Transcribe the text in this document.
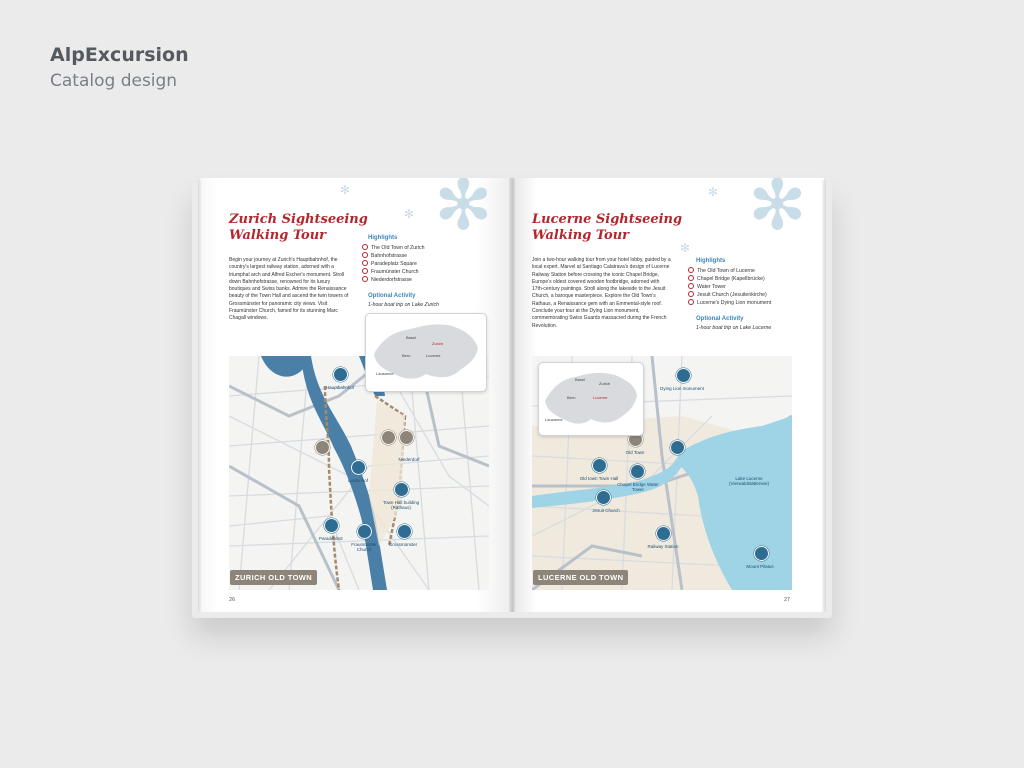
AlpExcursion
Catalog design
✻
✻
✻
Zurich Sightseeing
Walking Tour
Begin your journey at Zurich's Hauptbahnhof, the country's largest railway station, adorned with a triumphal arch and Alfred Escher's monument. Stroll down Bahnhofstrasse, renowned for its luxury boutiques and Swiss banks. Admire the Renaissance beauty of the Town Hall and ascend the twin towers of Grossmünster for panoramic city views. Visit Fraumünster Church, famed for its stunning Marc Chagall windows.
Highlights
The Old Town of Zurich
Bahnhofstrasse
Paradeplatz Square
Fraumünster Church
Niederdorfstrasse
Optional Activity
1-hour boat trip on Lake Zurich
Hauptbahnhof
Lindenhof
Niederdorf
Town Hall building (Rathaus)
Paradeplatz
Fraumünster Church
Grossmünster
ZURICH OLD TOWN
Basel
Zurich
Bern	Lucerne
Lausanne
26
✻
✻
✻
Lucerne Sightseeing
Walking Tour
Join a two-hour walking tour from your hotel lobby, guided by a local expert. Marvel at Santiago Calatrava's design of Lucerne Railway Station before crossing the iconic Chapel Bridge, Europe's oldest covered wooden footbridge, adorned with 17th-century paintings. Stroll along the lakeside to the Jesuit Church, a baroque masterpiece. Explore the Old Town's Rathaus, a Renaissance gem with an Emmental-style roof. Conclude your tour at the Dying Lion monument, commemorating Swiss Guards massacred during the French Revolution.
Highlights
The Old Town of Lucerne
Chapel Bridge (Kapellbrücke)
Water Tower
Jesuit Church (Jesuitenkirche)
Lucerne's Dying Lion monument
Optional Activity
1-hour boat trip on Lake Lucerne
Dying Lion monument
Old Town
Old town Town Hall
Chapel Bridge Water Tower
Jesuit Church
Railway Station
Lake Lucerne (Vierwaldstättersee)
Mount Pilatus
LUCERNE OLD TOWN
Basel
Zurich
Bern	Lucerne
Lausanne
27
